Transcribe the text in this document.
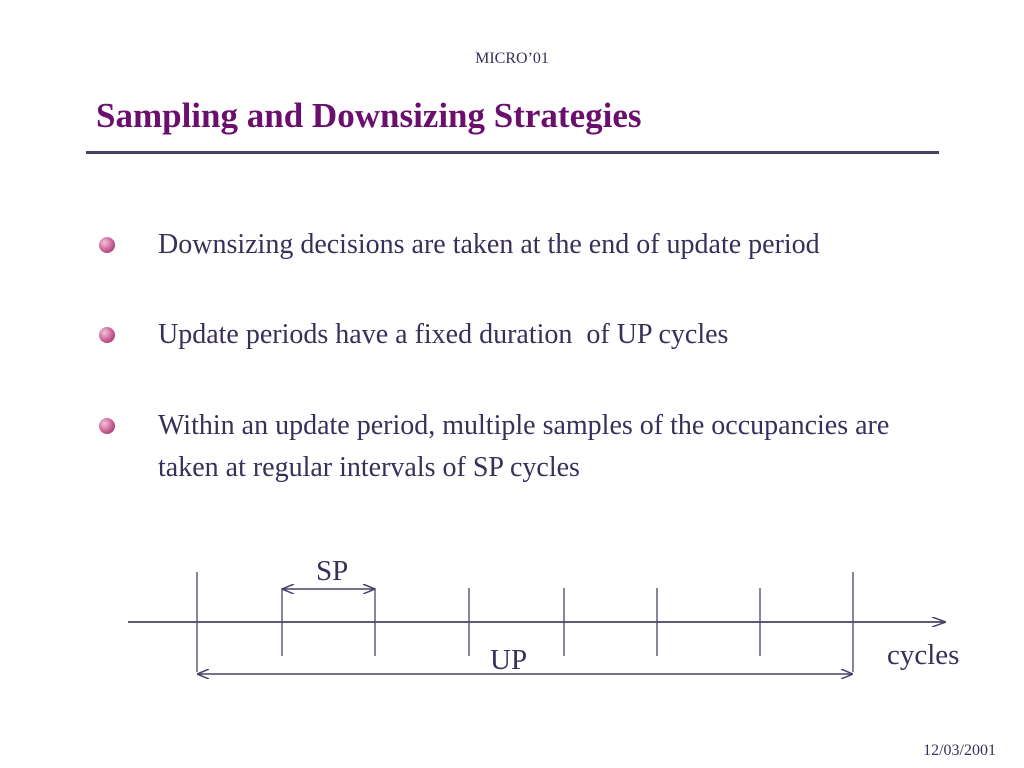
MICRO’01
Sampling and Downsizing Strategies
Downsizing decisions are taken at the end of update period
Update periods have a fixed duration  of UP cycles
Within an update period, multiple samples of the occupancies are taken at regular intervals of SP cycles
SP
UP	cycles
12/03/2001
